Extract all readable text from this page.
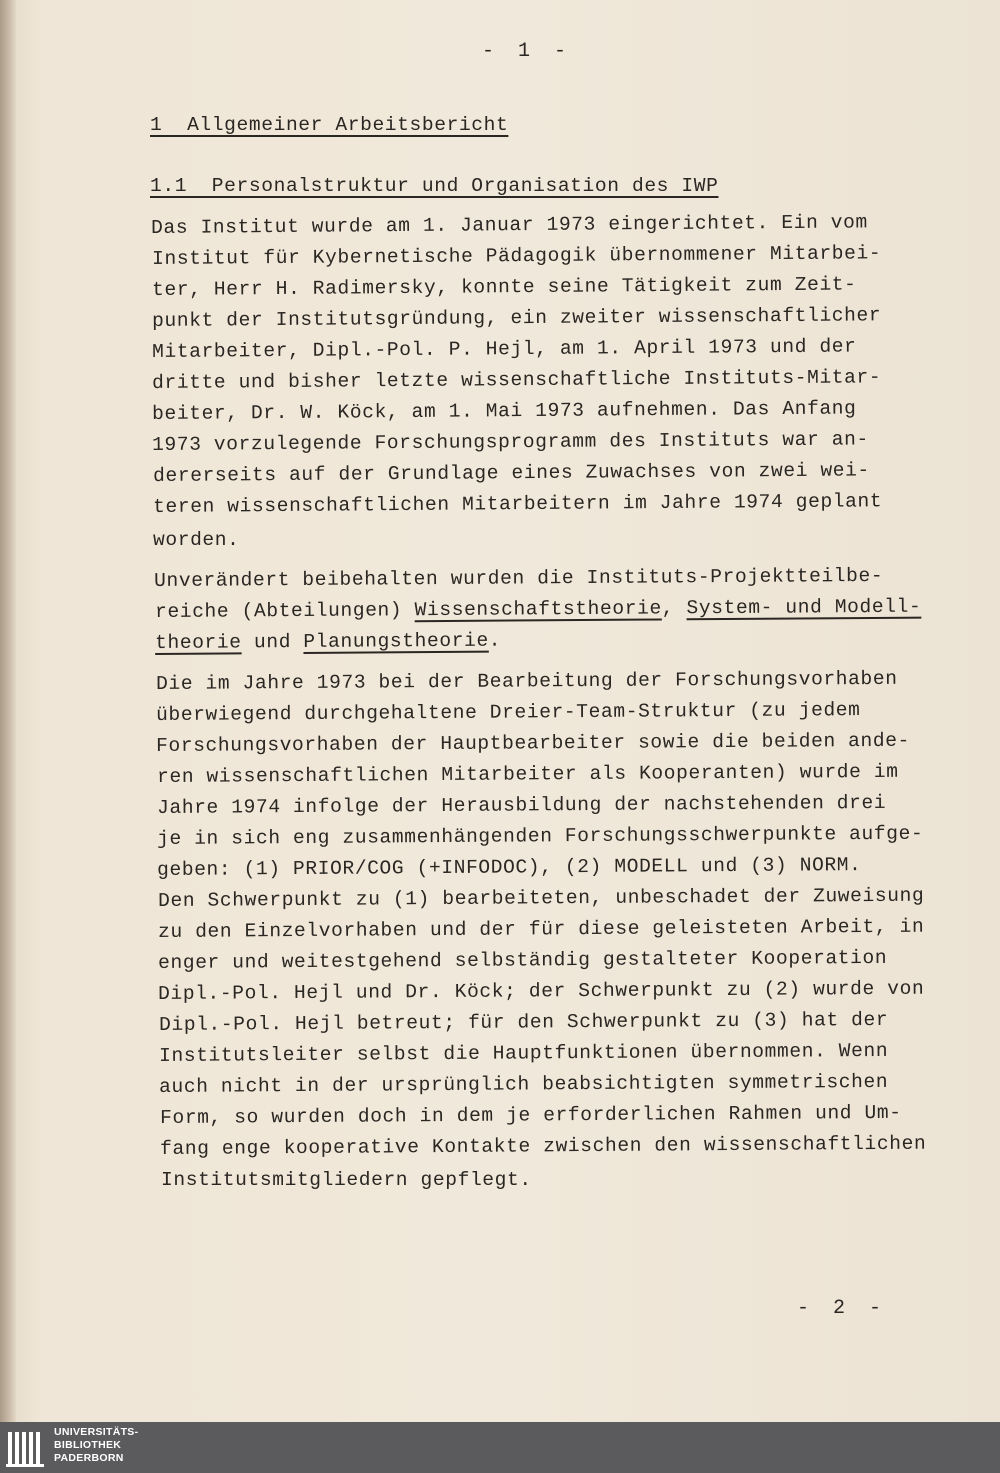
- 1 -
1  Allgemeiner Arbeitsbericht
1.1  Personalstruktur und Organisation des IWP
Das Institut wurde am 1. Januar 1973 eingerichtet. Ein vom
Institut für Kybernetische Pädagogik übernommener Mitarbei-
ter, Herr H. Radimersky, konnte seine Tätigkeit zum Zeit-
punkt der Institutsgründung, ein zweiter wissenschaftlicher
Mitarbeiter, Dipl.-Pol. P. Hejl, am 1. April 1973 und der
dritte und bisher letzte wissenschaftliche Instituts-Mitar-
beiter, Dr. W. Köck, am 1. Mai 1973 aufnehmen. Das Anfang
1973 vorzulegende Forschungsprogramm des Instituts war an-
dererseits auf der Grundlage eines Zuwachses von zwei wei-
teren wissenschaftlichen Mitarbeitern im Jahre 1974 geplant
worden.
Unverändert beibehalten wurden die Instituts-Projektteilbe-
reiche (Abteilungen) Wissenschaftstheorie, System- und Modell-
theorie und Planungstheorie.
Die im Jahre 1973 bei der Bearbeitung der Forschungsvorhaben
überwiegend durchgehaltene Dreier-Team-Struktur (zu jedem
Forschungsvorhaben der Hauptbearbeiter sowie die beiden ande-
ren wissenschaftlichen Mitarbeiter als Kooperanten) wurde im
Jahre 1974 infolge der Herausbildung der nachstehenden drei
je in sich eng zusammenhängenden Forschungsschwerpunkte aufge-
geben: (1) PRIOR/COG (+INFODOC), (2) MODELL und (3) NORM.
Den Schwerpunkt zu (1) bearbeiteten, unbeschadet der Zuweisung
zu den Einzelvorhaben und der für diese geleisteten Arbeit, in
enger und weitestgehend selbständig gestalteter Kooperation
Dipl.-Pol. Hejl und Dr. Köck; der Schwerpunkt zu (2) wurde von
Dipl.-Pol. Hejl betreut; für den Schwerpunkt zu (3) hat der
Institutsleiter selbst die Hauptfunktionen übernommen. Wenn
auch nicht in der ursprünglich beabsichtigten symmetrischen
Form, so wurden doch in dem je erforderlichen Rahmen und Um-
fang enge kooperative Kontakte zwischen den wissenschaftlichen
Institutsmitgliedern gepflegt.
- 2 -
UNIVERSITÄTS-
BIBLIOTHEK
PADERBORN
